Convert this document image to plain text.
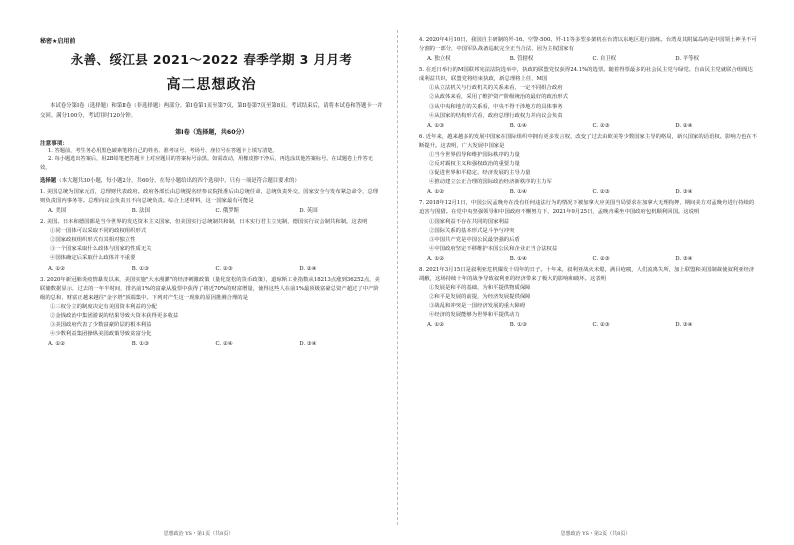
秘密★启用前
永善、绥江县 2021～2022 春季学期 3 月月考
高二思想政治
本试卷分第Ⅰ卷（选择题）和第Ⅱ卷（非选择题）两部分。第Ⅰ卷第1页至第7页，第Ⅱ卷第7页至第8页。考试结束后，请将本试卷和答题卡一并交回。满分100分，考试用时120分钟。
第Ⅰ卷（选择题，共60分）
注意事项：
1. 答题前，考生务必用黑色碳素笔将自己的姓名、准考证号、考场号、座位号在答题卡上填写清楚。
2. 每小题选出答案后，用2B铅笔把答题卡上对应题目的答案标号涂黑。如需改动，用橡皮擦干净后，再选涂其他答案标号。在试题卷上作答无效。
选择题（本大题共30小题，每小题2分，共60分。在每小题给出的四个选项中，只有一项是符合题目要求的）
1. 美国总统为国家元首，总理财代表政府。政府各部长由总统提名经参议院批准后由总统任命，总统负责外交、国家安全与发布紧急命令，总理则负责国内事务等。总理向议会负责且不向总统负责。综合上述材料，这一国家最有可能是
A. 美国	B. 法国	C. 俄罗斯	D. 英国
2. 美国、日本和德国都是当今世界的发达资本主义国家，但美国实行总统制共和制，日本实行君主立宪制，德国实行议会制共和制。这表明
①同一国体可以采取不同的政权组织形式
②国家政权组织形式有其相对独立性
③一个国家采取什么政体与国家的性质无关
④国体确定后采取什么政体并不重要
A. ①②	B. ①③	C. ②③	D. ②④
3. 2020年新冠肺炎疫情暴发以来，美国实施"大水漫灌"的经济刺激政策（量化宽松的货币政策），道琼斯工业指数从18213点涨到36252点，美联储数据显示，过去的一年半时间，排名前1%的富豪从股票中获得了将近70%的财富增量，使得这些人在前1%最顶级富豪总资产超过了中产阶级的总和，财富正越来越往"金字塔"顶端集中。下列对产生这一现象的原因推测合理的是
①三权分立的制度决定有美国资本利益的分配
②金钱政治中集团游说的结果导致大资本获得更多收益
③美国政府代表了少数富豪阶层的根本利益
④少数利益集团操纵美国政策导致贫富分化
A. ①②	B. ①③	C. ②④	D. ③④
思想政治 YS・第1页（共8页）
4. 2020年4月10日，我国自主研制的歼-16、空警-500、歼-11等多型多架机在台湾以东地区进行演练。台湾及其附属岛屿是中国领土神圣不可分割的一部分，中国军队战备巡航完全正当合法，因为主权国家有
A. 独立权	B. 管辖权	C. 自卫权	D. 平等权
5. 在近日举行的M国联邦宪法法院选举中，执政的联盟党仅获得24.1%的选票。随着得票最多的社会民主党与绿党、自由民主党就联合组阁达成利益共识，联盟党将结束执政，新总理将上任，M国
①从立法机关与行政机关的关系来看，一定不同组合政府
②从政体来看，采用了维护资产阶级统治的最好的政治形式
③从中央和地方的关系看，中央不得干涉地方的具体事务
④从国家的结构形式看，政府总理行政权力并向议会负责
A. ①③	B. ①④	C. ②③	D. ②④
6. 近年来，越来越多的发展中国家在国际组织中拥有更多发言权，改变了过去由欧美等少数国家主导的格局，新兴国家的话语权、影响力也在不断提升。这表明，广大发展中国家是
①当今世界倡导和维护国际秩序的力量
②反对霸权主义和强权政治的重要力量
③促进世界和平稳定、经济发展的主导力量
④推动建立公正合理的国际政治经济新秩序的主力军
A. ①②	B. ①④	C. ②③	D. ③④
7. 2018年12月1日，中国公民孟晚舟在没有任何违法行为的情况下被加拿大应美国当局要求在加拿大无理拘押，期间美方对孟晚舟进行持续的迫害与围猎。在党中央坚强领导和中国政府不懈努力下，2021年9月25日，孟晚舟乘坐中国政府包机顺利回国。这说明
①国家利益不存在共同的国家利益
②国际关系的基本形式是斗争与冲突
③中国共产党是中国公民最坚强的后盾
④中国政府坚定不移维护本国公民和企业正当合法权益
A. ①②	B. ①④	C. ②③	D. ③④
8. 2021年3月15日是叙利亚危机爆发十周年的日子。十年来，叙利亚战火未熄，满目疮痍，人们流离失所，加上联盟和美国制裁使叙利亚经济凋敝，这场持续十年的战争导致叙利亚的经济带来了极大的影响和破坏。这表明
①发展是和平的基础，为和平提供物质保障
②和平是发展的前提，为经济发展提供保障
③战乱和冲突是一国经济发展的重大障碍
④经济的发展能够为世界和平提供动力
A. ①②	B. ①③	C. ②③	D. ③④
思想政治 YS・第2页（共8页）
